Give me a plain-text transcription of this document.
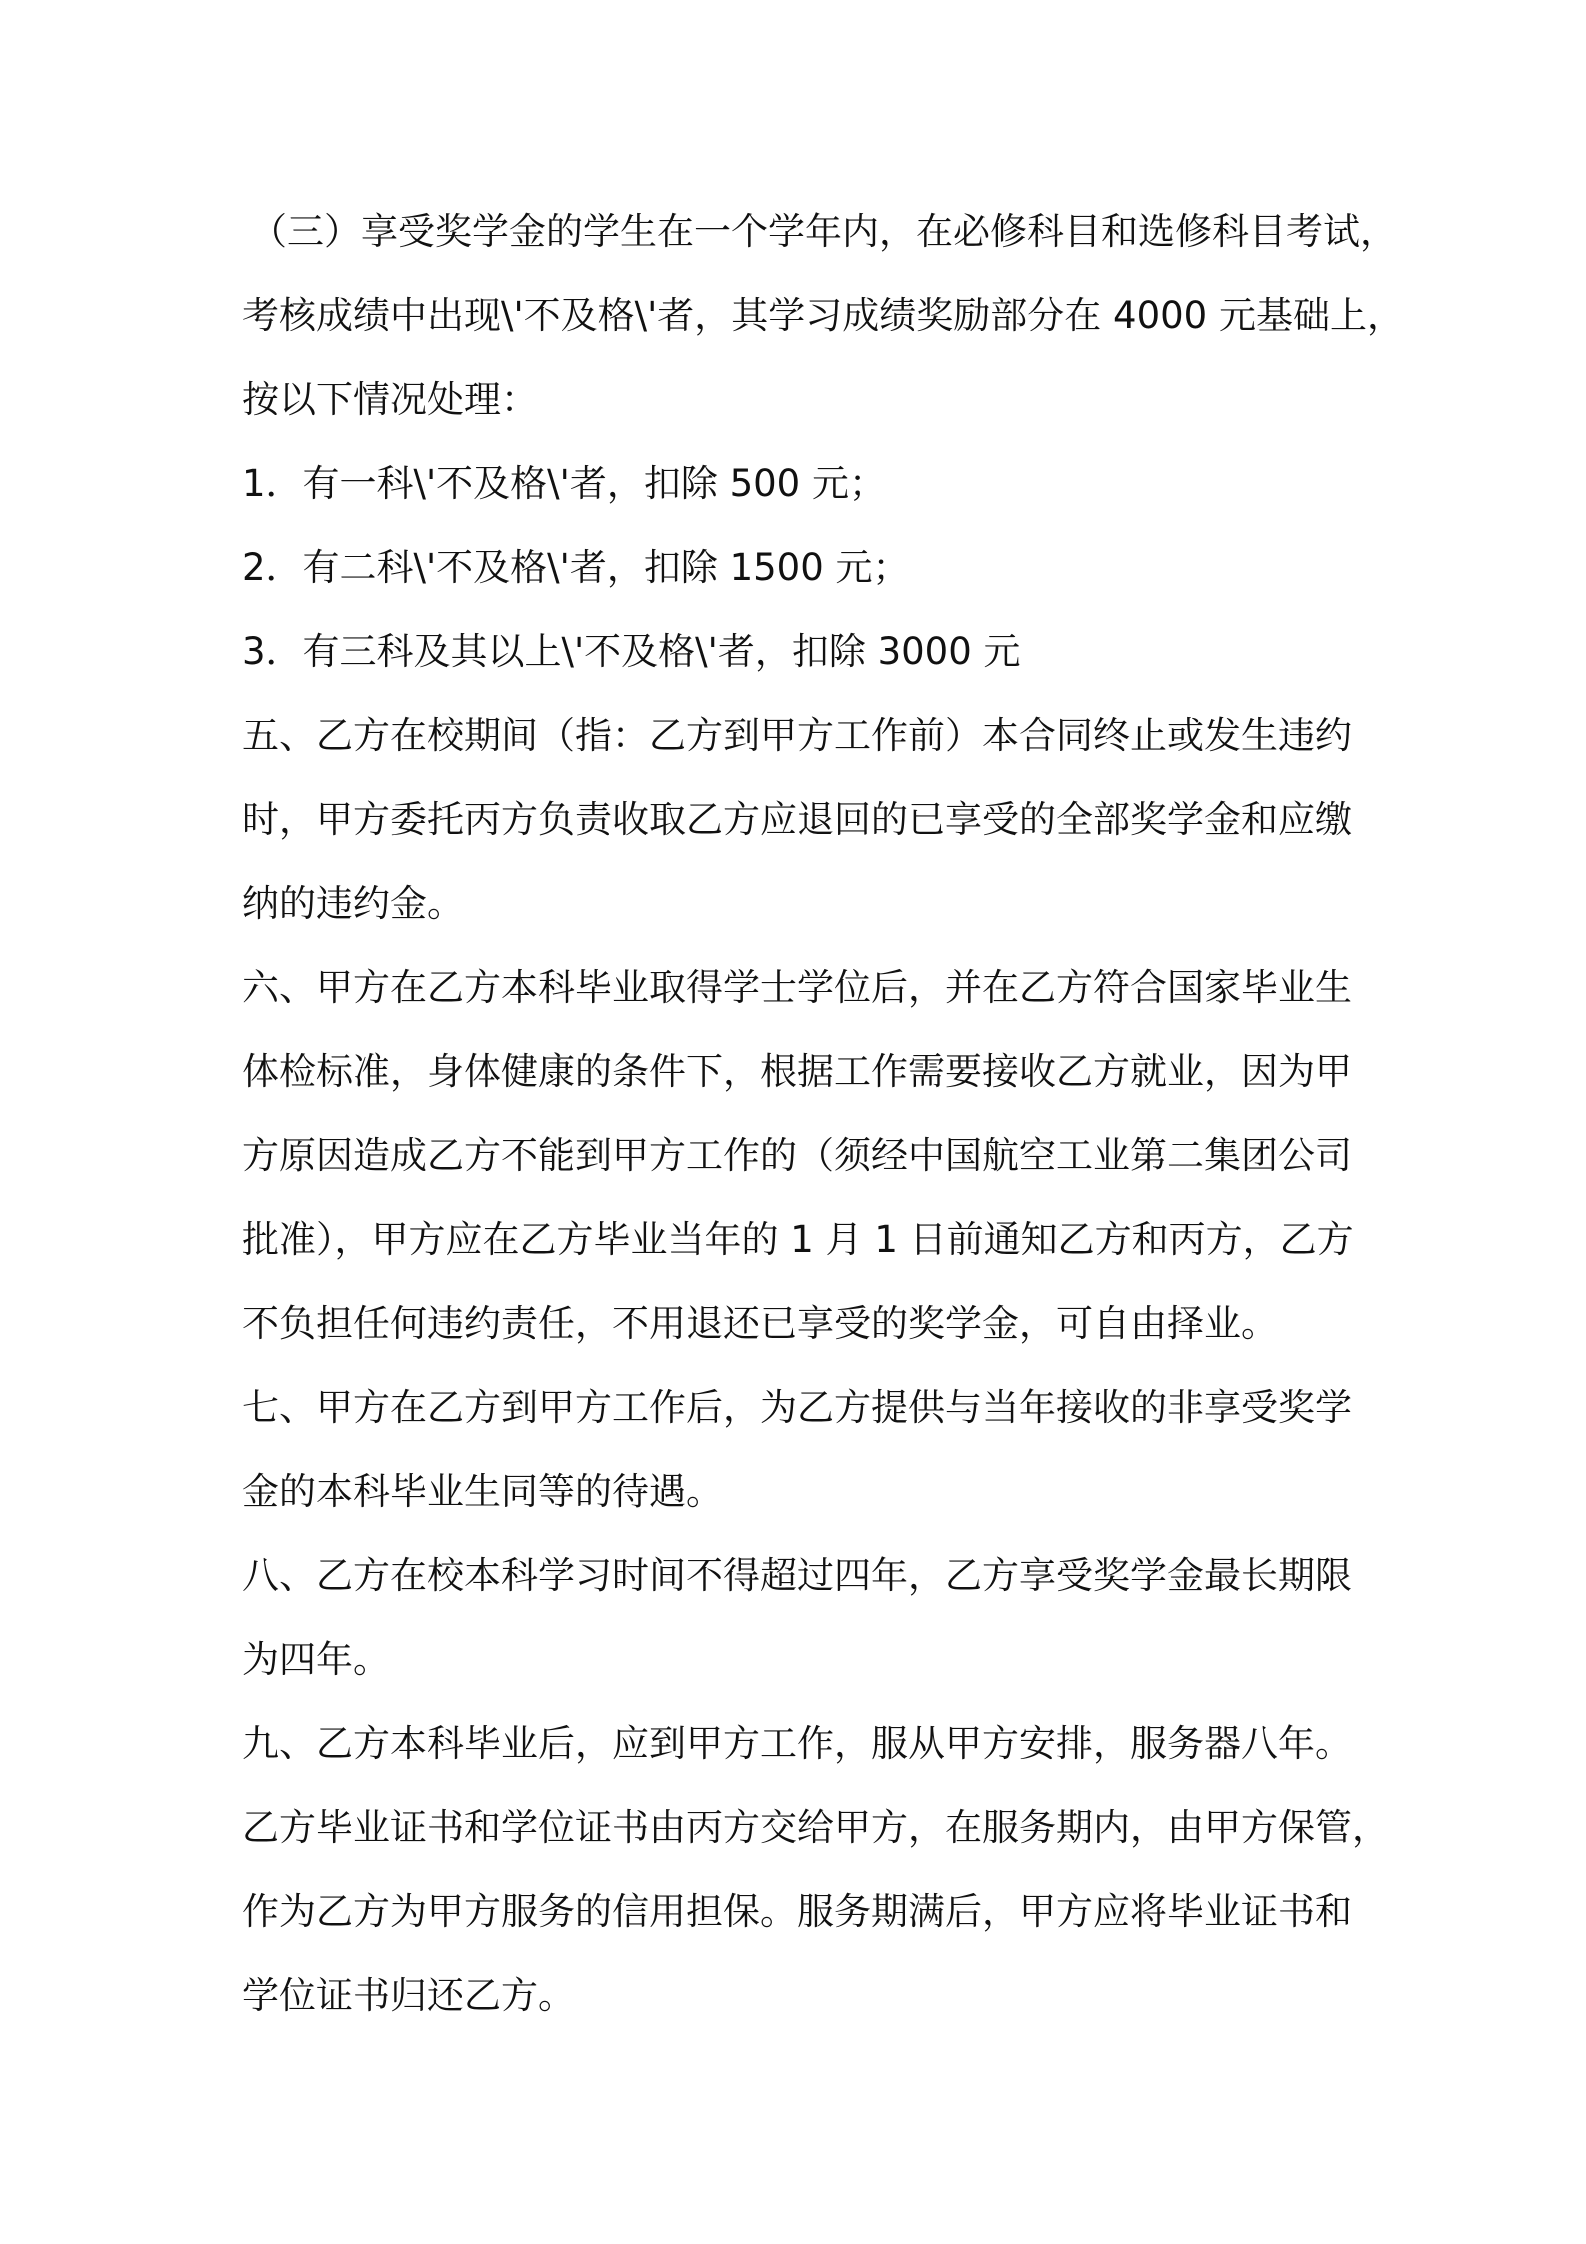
（三）享受奖学金的学生在一个学年内，在必修科目和选修科目考试，
考核成绩中出现\'不及格\'者，其学习成绩奖励部分在 4000 元基础上，
按以下情况处理：
1．有一科\'不及格\'者，扣除 500 元；
2．有二科\'不及格\'者，扣除 1500 元；
3．有三科及其以上\'不及格\'者，扣除 3000 元
五、乙方在校期间（指：乙方到甲方工作前）本合同终止或发生违约
时，甲方委托丙方负责收取乙方应退回的已享受的全部奖学金和应缴
纳的违约金。
六、甲方在乙方本科毕业取得学士学位后，并在乙方符合国家毕业生
体检标准，身体健康的条件下，根据工作需要接收乙方就业，因为甲
方原因造成乙方不能到甲方工作的（须经中国航空工业第二集团公司
批准），甲方应在乙方毕业当年的 1 月 1 日前通知乙方和丙方，乙方
不负担任何违约责任，不用退还已享受的奖学金，可自由择业。
七、甲方在乙方到甲方工作后，为乙方提供与当年接收的非享受奖学
金的本科毕业生同等的待遇。
八、乙方在校本科学习时间不得超过四年，乙方享受奖学金最长期限
为四年。
九、乙方本科毕业后，应到甲方工作，服从甲方安排，服务器八年。
乙方毕业证书和学位证书由丙方交给甲方，在服务期内，由甲方保管，
作为乙方为甲方服务的信用担保。服务期满后，甲方应将毕业证书和
学位证书归还乙方。
